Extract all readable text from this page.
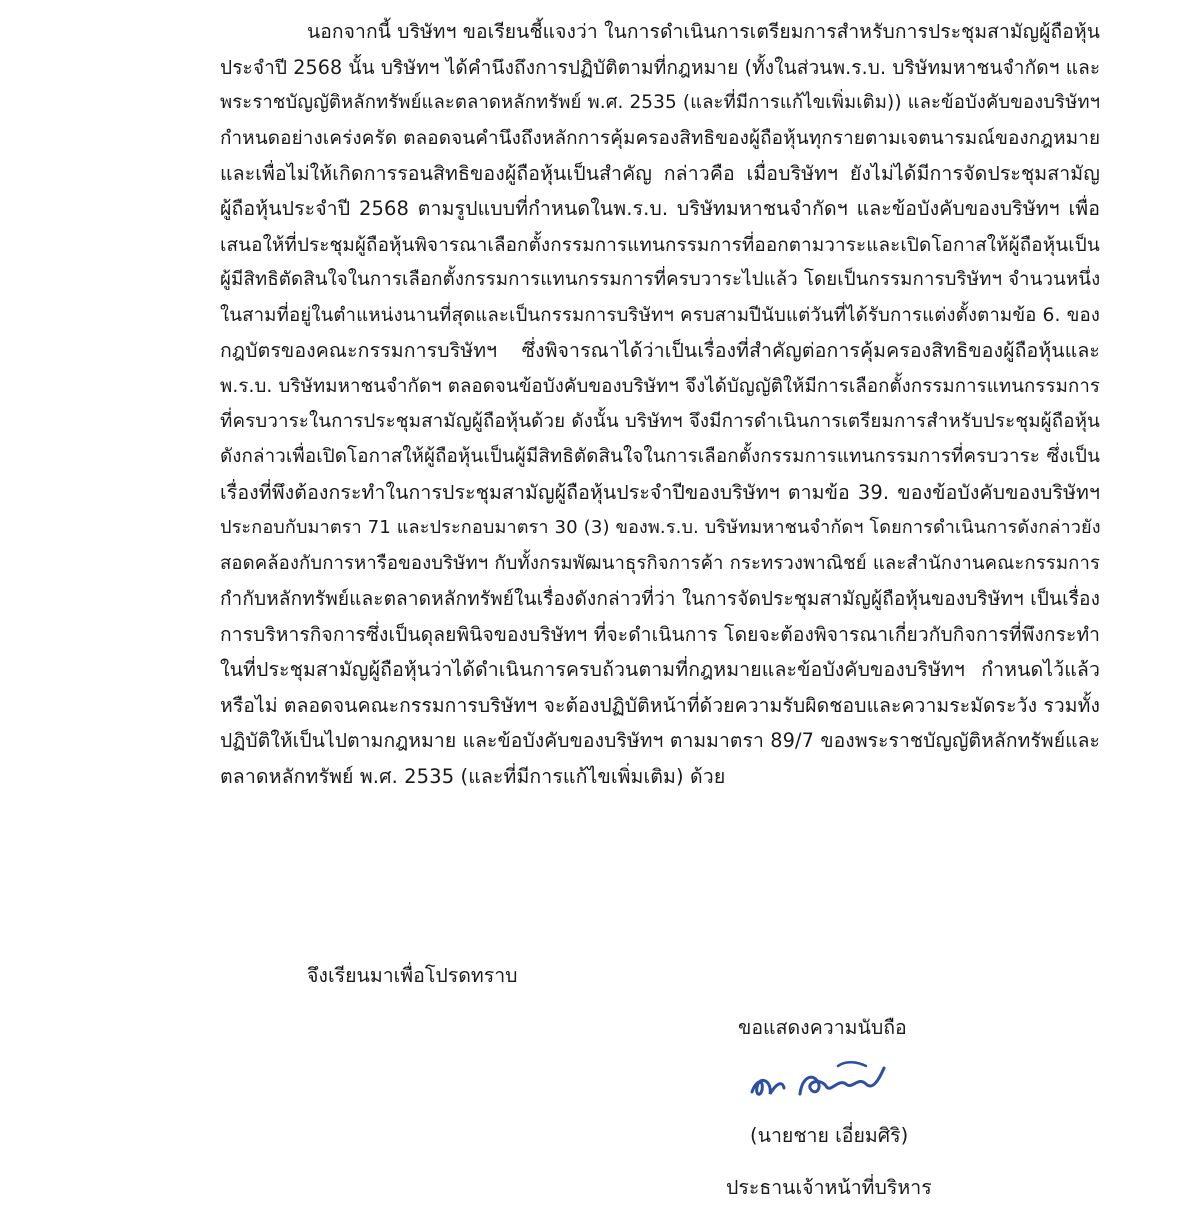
นอกจากนี้ บริษัทฯ ขอเรียนชี้แจงว่า ในการดำเนินการเตรียมการสำหรับการประชุมสามัญผู้ถือหุ้น
ประจำปี 2568 นั้น บริษัทฯ ได้คำนึงถึงการปฏิบัติตามที่กฎหมาย (ทั้งในส่วนพ.ร.บ. บริษัทมหาชนจำกัดฯ และ
พระราชบัญญัติหลักทรัพย์และตลาดหลักทรัพย์ พ.ศ. 2535 (และที่มีการแก้ไขเพิ่มเติม)) และข้อบังคับของบริษัทฯ
กำหนดอย่างเคร่งครัด ตลอดจนคำนึงถึงหลักการคุ้มครองสิทธิของผู้ถือหุ้นทุกรายตามเจตนารมณ์ของกฎหมาย
และเพื่อไม่ให้เกิดการรอนสิทธิของผู้ถือหุ้นเป็นสำคัญ กล่าวคือ เมื่อบริษัทฯ ยังไม่ได้มีการจัดประชุมสามัญ
ผู้ถือหุ้นประจำปี 2568 ตามรูปแบบที่กำหนดในพ.ร.บ. บริษัทมหาชนจำกัดฯ และข้อบังคับของบริษัทฯ เพื่อ
เสนอให้ที่ประชุมผู้ถือหุ้นพิจารณาเลือกตั้งกรรมการแทนกรรมการที่ออกตามวาระและเปิดโอกาสให้ผู้ถือหุ้นเป็น
ผู้มีสิทธิตัดสินใจในการเลือกตั้งกรรมการแทนกรรมการที่ครบวาระไปแล้ว โดยเป็นกรรมการบริษัทฯ จำนวนหนึ่ง
ในสามที่อยู่ในตำแหน่งนานที่สุดและเป็นกรรมการบริษัทฯ ครบสามปีนับแต่วันที่ได้รับการแต่งตั้งตามข้อ 6. ของ
กฎบัตรของคณะกรรมการบริษัทฯ ซึ่งพิจารณาได้ว่าเป็นเรื่องที่สำคัญต่อการคุ้มครองสิทธิของผู้ถือหุ้นและ
พ.ร.บ. บริษัทมหาชนจำกัดฯ ตลอดจนข้อบังคับของบริษัทฯ จึงได้บัญญัติให้มีการเลือกตั้งกรรมการแทนกรรมการ
ที่ครบวาระในการประชุมสามัญผู้ถือหุ้นด้วย ดังนั้น บริษัทฯ จึงมีการดำเนินการเตรียมการสำหรับประชุมผู้ถือหุ้น
ดังกล่าวเพื่อเปิดโอกาสให้ผู้ถือหุ้นเป็นผู้มีสิทธิตัดสินใจในการเลือกตั้งกรรมการแทนกรรมการที่ครบวาระ ซึ่งเป็น
เรื่องที่พึงต้องกระทำในการประชุมสามัญผู้ถือหุ้นประจำปีของบริษัทฯ ตามข้อ 39. ของข้อบังคับของบริษัทฯ
ประกอบกับมาตรา 71 และประกอบมาตรา 30 (3) ของพ.ร.บ. บริษัทมหาชนจำกัดฯ โดยการดำเนินการดังกล่าวยัง
สอดคล้องกับการหารือของบริษัทฯ กับทั้งกรมพัฒนาธุรกิจการค้า กระทรวงพาณิชย์ และสำนักงานคณะกรรมการ
กำกับหลักทรัพย์และตลาดหลักทรัพย์ในเรื่องดังกล่าวที่ว่า ในการจัดประชุมสามัญผู้ถือหุ้นของบริษัทฯ เป็นเรื่อง
การบริหารกิจการซึ่งเป็นดุลยพินิจของบริษัทฯ ที่จะดำเนินการ โดยจะต้องพิจารณาเกี่ยวกับกิจการที่พึงกระทำ
ในที่ประชุมสามัญผู้ถือหุ้นว่าได้ดำเนินการครบถ้วนตามที่กฎหมายและข้อบังคับของบริษัทฯ กำหนดไว้แล้ว
หรือไม่ ตลอดจนคณะกรรมการบริษัทฯ จะต้องปฏิบัติหน้าที่ด้วยความรับผิดชอบและความระมัดระวัง รวมทั้ง
ปฏิบัติให้เป็นไปตามกฎหมาย และข้อบังคับของบริษัทฯ ตามมาตรา 89/7 ของพระราชบัญญัติหลักทรัพย์และ
ตลาดหลักทรัพย์ พ.ศ. 2535 (และที่มีการแก้ไขเพิ่มเติม) ด้วย
จึงเรียนมาเพื่อโปรดทราบ
ขอแสดงความนับถือ
(นายชาย เอี่ยมศิริ)
ประธานเจ้าหน้าที่บริหาร
